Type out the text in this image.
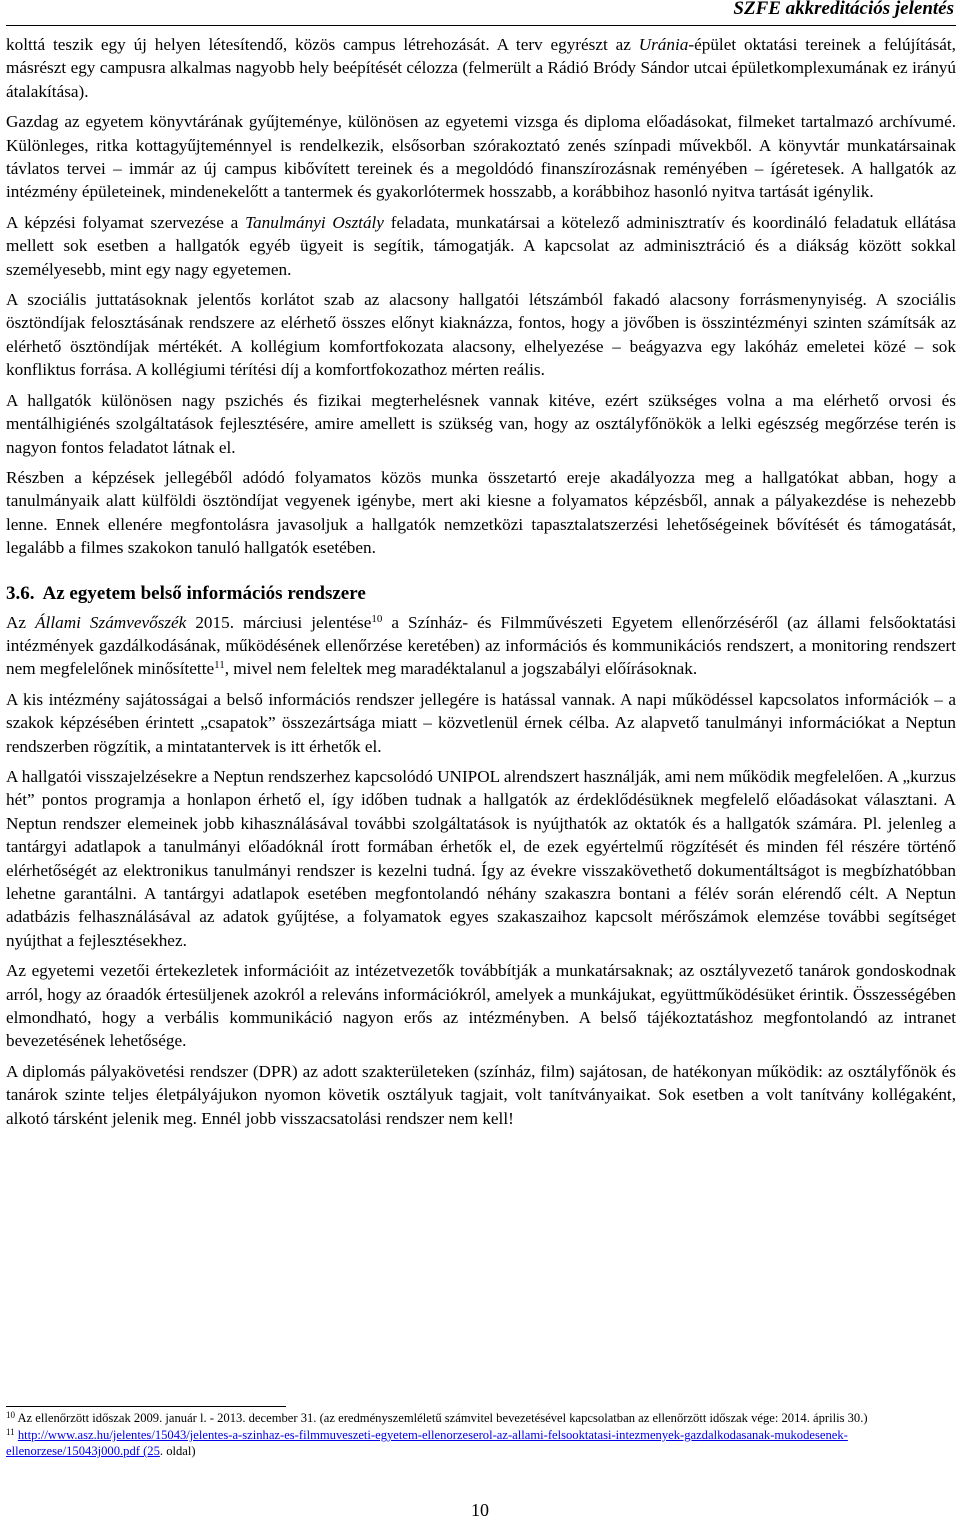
SZFE akkreditációs jelentés

kolttá teszik egy új helyen létesítendő, közös campus létrehozását. A terv egyrészt az Uránia-épület oktatási tereinek a felújítását, másrészt egy campusra alkalmas nagyobb hely beépítését célozza (felmerült a Rádió Bródy Sándor utcai épületkomplexumának ez irányú átalakítása).

Gazdag az egyetem könyvtárának gyűjteménye, különösen az egyetemi vizsga és diploma előadásokat, filmeket tartalmazó archívumé. Különleges, ritka kottagyűjteménnyel is rendelkezik, elsősorban szórakoztató zenés színpadi művekből. A könyvtár munkatársainak távlatos tervei – immár az új campus kibővített tereinek és a megoldódó finanszírozásnak reményében – ígéretesek. A hallgatók az intézmény épületeinek, mindenekelőtt a tantermek és gyakorlótermek hosszabb, a korábbihoz hasonló nyitva tartását igénylik.

A képzési folyamat szervezése a Tanulmányi Osztály feladata, munkatársai a kötelező adminisztratív és koordináló feladatuk ellátása mellett sok esetben a hallgatók egyéb ügyeit is segítik, támogatják. A kapcsolat az adminisztráció és a diákság között sokkal személyesebb, mint egy nagy egyetemen.

A szociális juttatásoknak jelentős korlátot szab az alacsony hallgatói létszámból fakadó alacsony forrásmenynyiség. A szociális ösztöndíjak felosztásának rendszere az elérhető összes előnyt kiaknázza, fontos, hogy a jövőben is összintézményi szinten számítsák az elérhető ösztöndíjak mértékét. A kollégium komfortfokozata alacsony, elhelyezése – beágyazva egy lakóház emeletei közé – sok konfliktus forrása. A kollégiumi térítési díj a komfortfokozathoz mérten reális.

A hallgatók különösen nagy pszichés és fizikai megterhelésnek vannak kitéve, ezért szükséges volna a ma elérhető orvosi és mentálhigiénés szolgáltatások fejlesztésére, amire amellett is szükség van, hogy az osztályfőnökök a lelki egészség megőrzése terén is nagyon fontos feladatot látnak el.

Részben a képzések jellegéből adódó folyamatos közös munka összetartó ereje akadályozza meg a hallgatókat abban, hogy a tanulmányaik alatt külföldi ösztöndíjat vegyenek igénybe, mert aki kiesne a folyamatos képzésből, annak a pályakezdése is nehezebb lenne. Ennek ellenére megfontolásra javasoljuk a hallgatók nemzetközi tapasztalatszerzési lehetőségeinek bővítését és támogatását, legalább a filmes szakokon tanuló hallgatók esetében.

3.6. Az egyetem belső információs rendszere

Az Állami Számvevőszék 2015. márciusi jelentése$^{10}$ a Színház- és Filmművészeti Egyetem ellenőrzéséről (az állami felsőoktatási intézmények gazdálkodásának, működésének ellenőrzése keretében) az információs és kommunikációs rendszert, a monitoring rendszert nem megfelelőnek minősítette$^{11}$, mivel nem feleltek meg maradéktalanul a jogszabályi előírásoknak.

A kis intézmény sajátosságai a belső információs rendszer jellegére is hatással vannak. A napi működéssel kapcsolatos információk – a szakok képzésében érintett „csapatok” összezártsága miatt – közvetlenül érnek célba. Az alapvető tanulmányi információkat a Neptun rendszerben rögzítik, a mintatantervek is itt érhetők el.

A hallgatói visszajelzésekre a Neptun rendszerhez kapcsolódó UNIPOL alrendszert használják, ami nem működik megfelelően. A „kurzus hét” pontos programja a honlapon érhető el, így időben tudnak a hallgatók az érdeklődésüknek megfelelő előadásokat választani. A Neptun rendszer elemeinek jobb kihasználásával további szolgáltatások is nyújthatók az oktatók és a hallgatók számára. Pl. jelenleg a tantárgyi adatlapok a tanulmányi előadóknál írott formában érhetők el, de ezek egyértelmű rögzítését és minden fél részére történő elérhetőségét az elektronikus tanulmányi rendszer is kezelni tudná. Így az évekre visszakövethető dokumentáltságot is megbízhatóbban lehetne garantálni. A tantárgyi adatlapok esetében megfontolandó néhány szakaszra bontani a félév során elérendő célt. A Neptun adatbázis felhasználásával az adatok gyűjtése, a folyamatok egyes szakaszaihoz kapcsolt mérőszámok elemzése további segítséget nyújthat a fejlesztésekhez.

Az egyetemi vezetői értekezletek információit az intézetvezetők továbbítják a munkatársaknak; az osztályvezető tanárok gondoskodnak arról, hogy az óraadók értesüljenek azokról a releváns információkról, amelyek a munkájukat, együttműködésüket érintik. Összességében elmondható, hogy a verbális kommunikáció nagyon erős az intézményben. A belső tájékoztatáshoz megfontolandó az intranet bevezetésének lehetősége.

A diplomás pályakövetési rendszer (DPR) az adott szakterületeken (színház, film) sajátosan, de hatékonyan működik: az osztályfőnök és tanárok szinte teljes életpályájukon nyomon követik osztályuk tagjait, volt tanítványaikat. Sok esetben a volt tanítvány kollégaként, alkotó társként jelenik meg. Ennél jobb visszacsatolási rendszer nem kell!

$^{10}$ Az ellenőrzött időszak 2009. január l. - 2013. december 31. (az eredményszemléletű számvitel bevezetésével kapcsolatban az ellenőrzött időszak vége: 2014. április 30.)

$^{11}$ http://www.asz.hu/jelentes/15043/jelentes-a-szinhaz-es-filmmuveszeti-egyetem-ellenorzeserol-az-allami-felsooktatasi-intezmenyek-gazdalkodasanak-mukodesenek-ellenorzese/15043j000.pdf (25. oldal)

10
